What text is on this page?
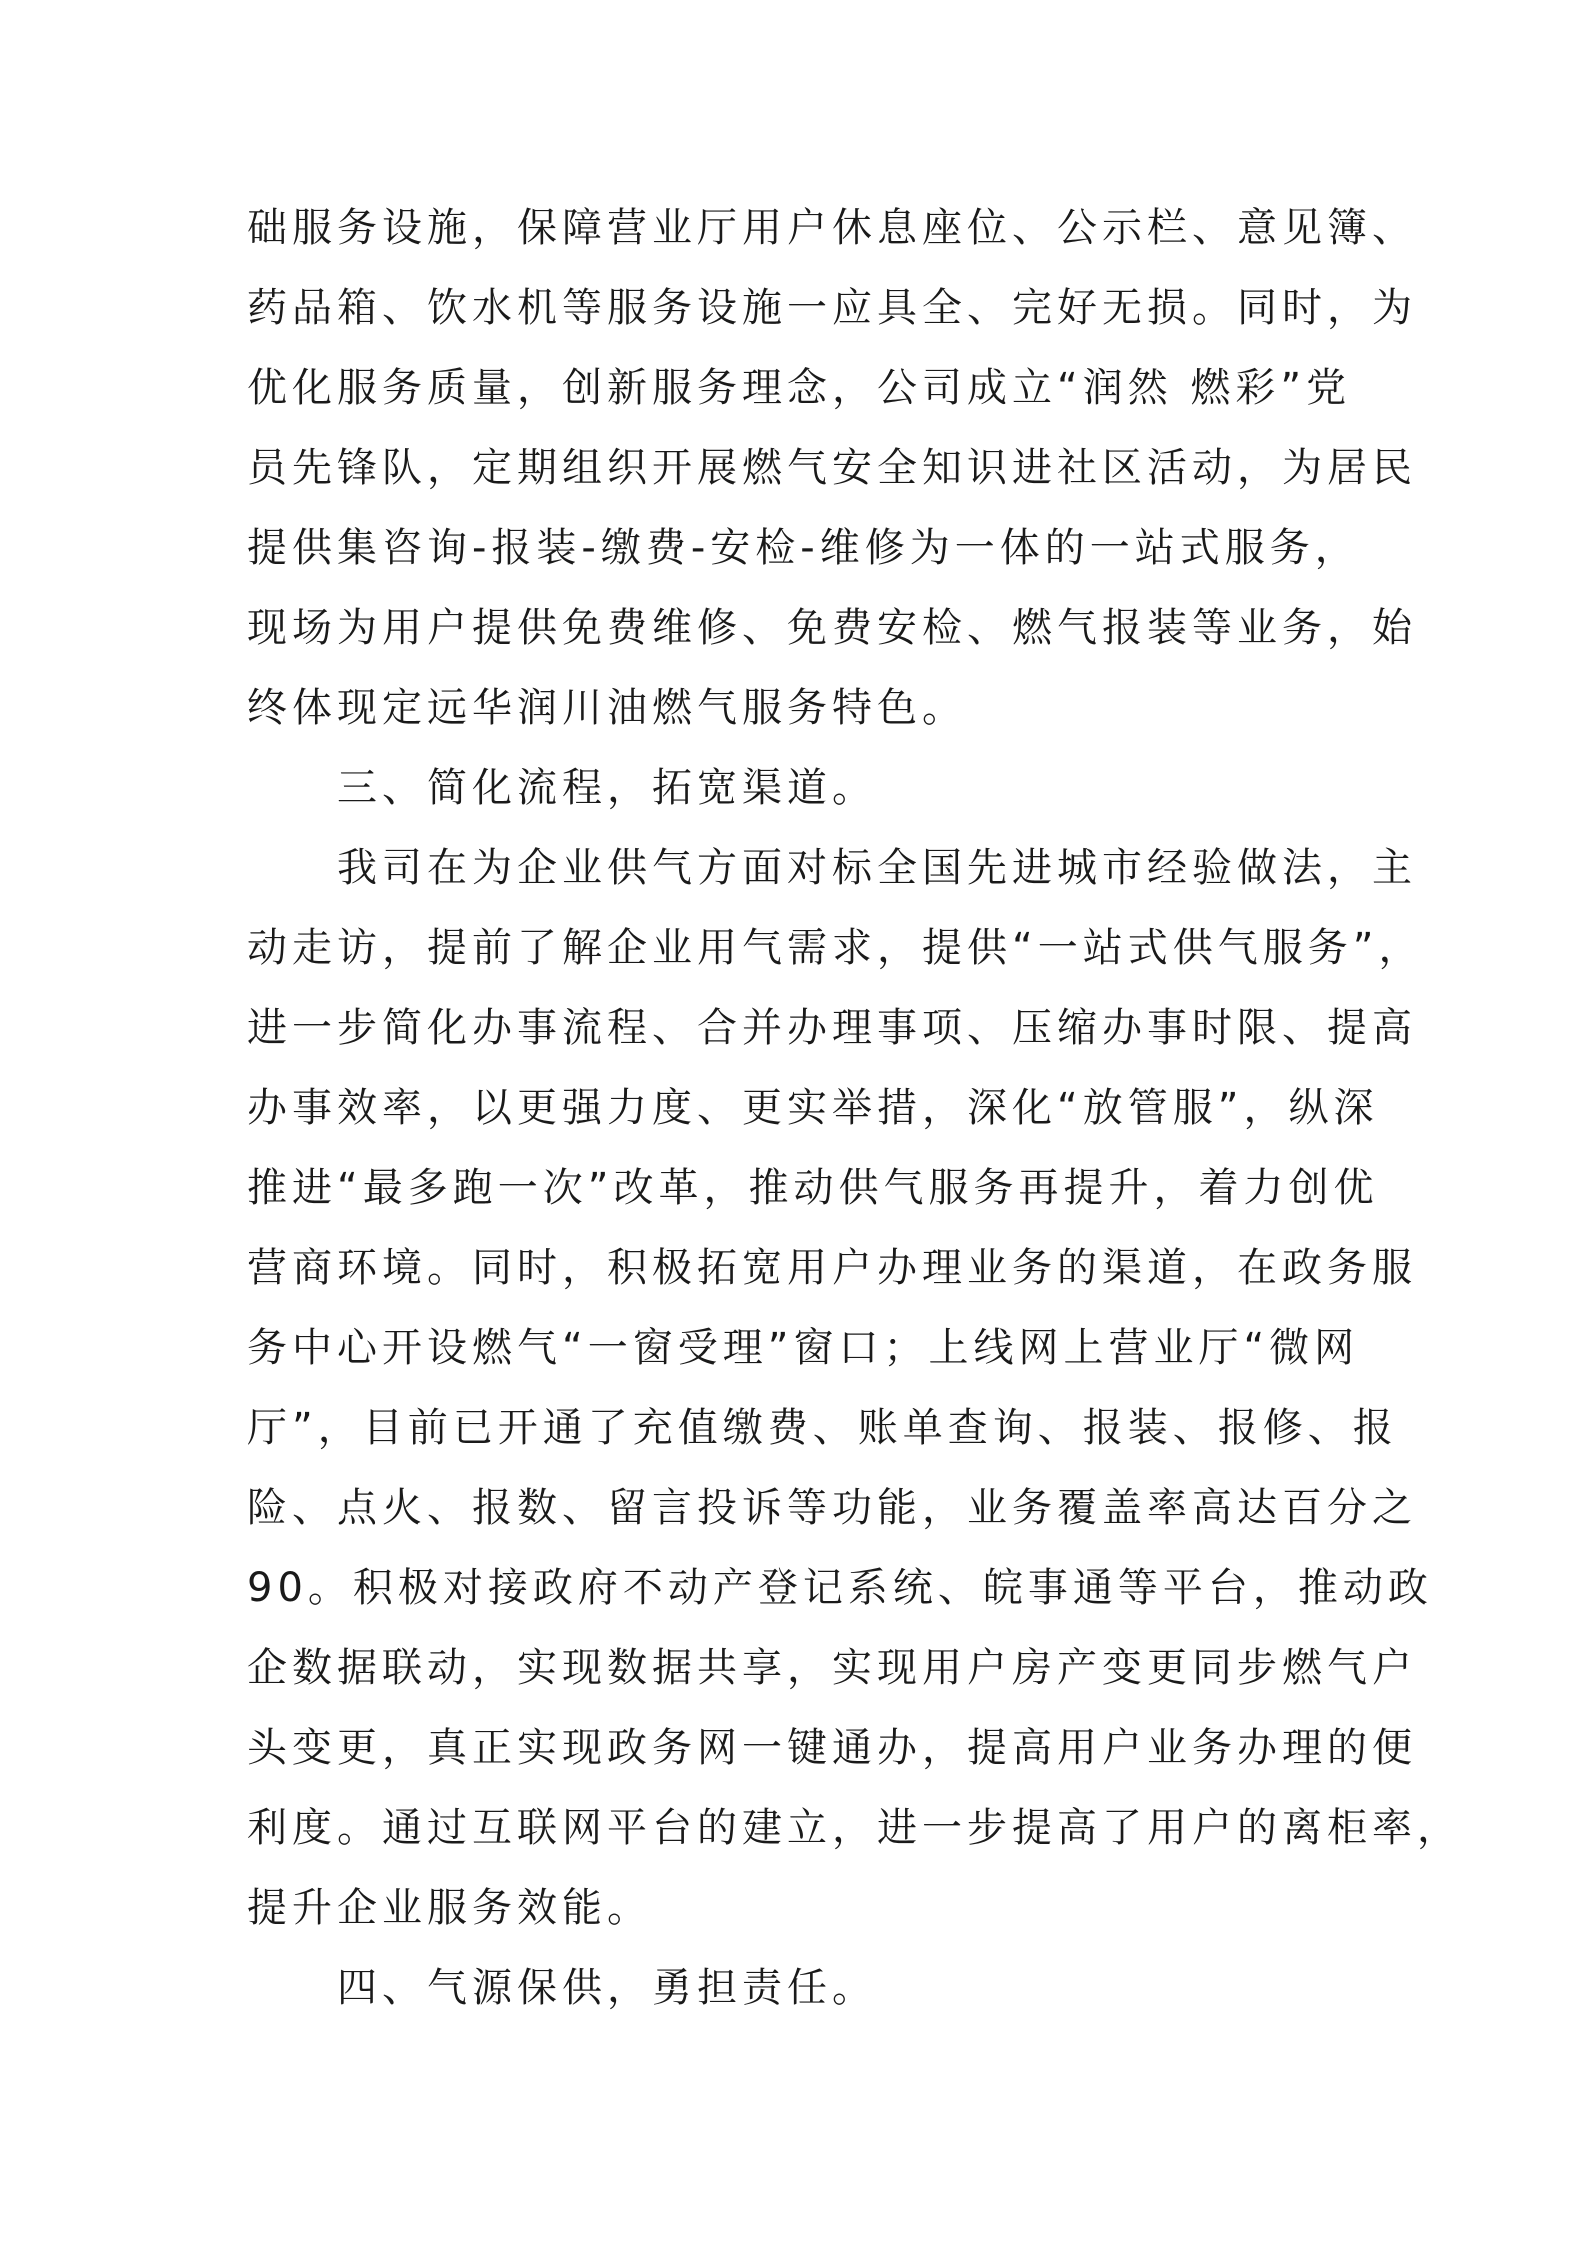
础服务设施，保障营业厅用户休息座位、公示栏、意见簿、
药品箱、饮水机等服务设施一应具全、完好无损。同时，为
优化服务质量，创新服务理念，公司成立“润然 燃彩”党
员先锋队，定期组织开展燃气安全知识进社区活动，为居民
提供集咨询-报装-缴费-安检-维修为一体的一站式服务，
现场为用户提供免费维修、免费安检、燃气报装等业务，始
终体现定远华润川油燃气服务特色。
三、简化流程，拓宽渠道。
我司在为企业供气方面对标全国先进城市经验做法，主
动走访，提前了解企业用气需求，提供“一站式供气服务”，
进一步简化办事流程、合并办理事项、压缩办事时限、提高
办事效率，以更强力度、更实举措，深化“放管服”，纵深
推进“最多跑一次”改革，推动供气服务再提升，着力创优
营商环境。同时，积极拓宽用户办理业务的渠道，在政务服
务中心开设燃气“一窗受理”窗口；上线网上营业厅“微网
厅”，目前已开通了充值缴费、账单查询、报装、报修、报
险、点火、报数、留言投诉等功能，业务覆盖率高达百分之
90。积极对接政府不动产登记系统、皖事通等平台，推动政
企数据联动，实现数据共享，实现用户房产变更同步燃气户
头变更，真正实现政务网一键通办，提高用户业务办理的便
利度。通过互联网平台的建立，进一步提高了用户的离柜率，
提升企业服务效能。
四、气源保供，勇担责任。
